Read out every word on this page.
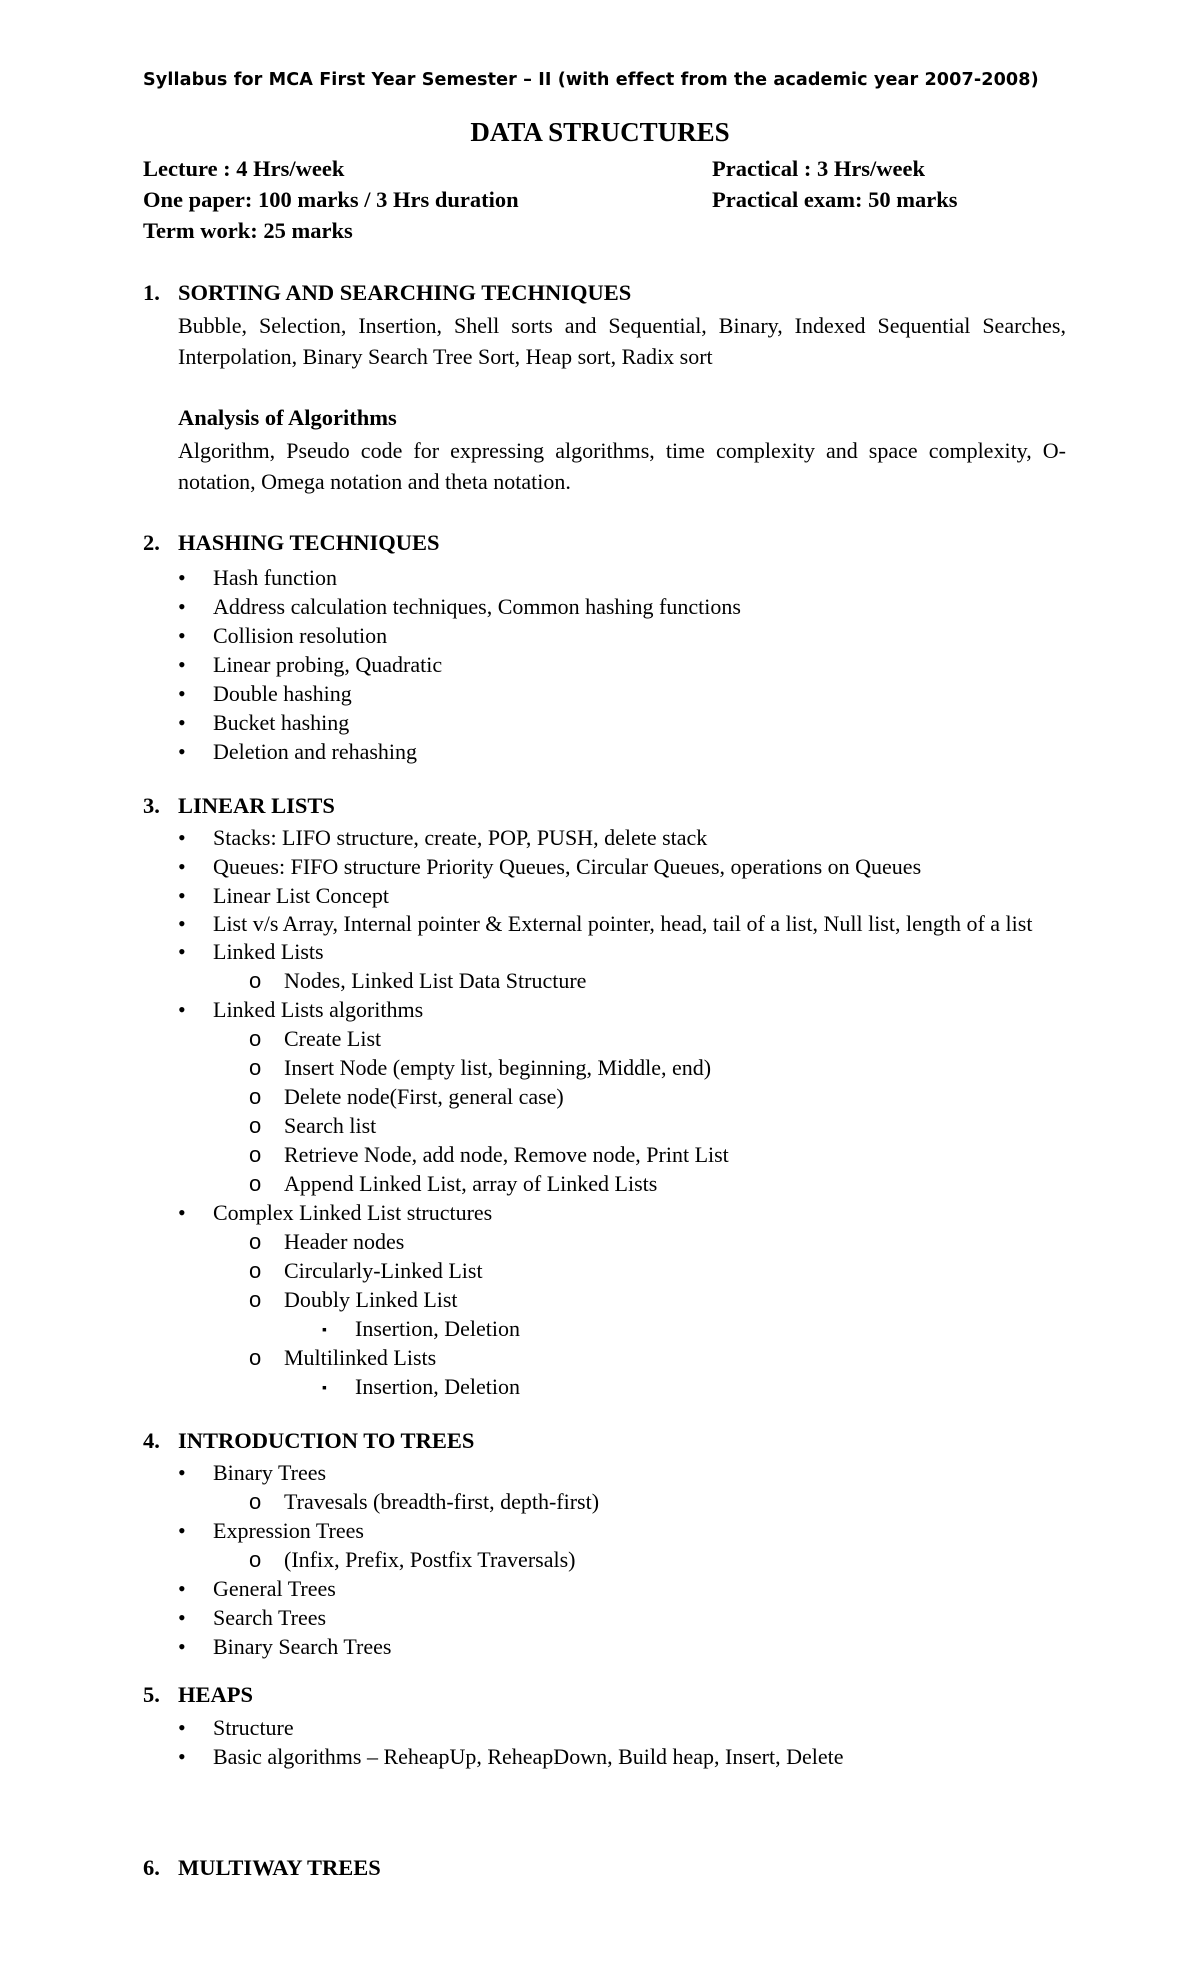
Syllabus for MCA First Year Semester – II (with effect from the academic year 2007-2008)
DATA STRUCTURES
Lecture : 4 Hrs/week	Practical : 3 Hrs/week
One paper: 100 marks / 3 Hrs duration	Practical exam: 50 marks
Term work: 25 marks
1. SORTING AND SEARCHING TECHNIQUES
Bubble, Selection, Insertion, Shell sorts and Sequential, Binary, Indexed Sequential Searches, Interpolation, Binary Search Tree Sort, Heap sort, Radix sort
Analysis of Algorithms
Algorithm, Pseudo code for expressing algorithms, time complexity and space complexity, O-notation, Omega notation and theta notation.
2. HASHING TECHNIQUES
• Hash function
• Address calculation techniques, Common hashing functions
• Collision resolution
• Linear probing, Quadratic
• Double hashing
• Bucket hashing
• Deletion and rehashing
3. LINEAR LISTS
• Stacks: LIFO structure, create, POP, PUSH, delete stack
• Queues: FIFO structure Priority Queues, Circular Queues, operations on Queues
• Linear List Concept
• List v/s Array, Internal pointer & External pointer, head, tail of a list, Null list, length of a list
• Linked Lists
o Nodes, Linked List Data Structure
• Linked Lists algorithms
o Create List
o Insert Node (empty list, beginning, Middle, end)
o Delete node(First, general case)
o Search list
o Retrieve Node, add node, Remove node, Print List
o Append Linked List, array of Linked Lists
• Complex Linked List structures
o Header nodes
o Circularly-Linked List
o Doubly Linked List
▪ Insertion, Deletion
o Multilinked Lists
▪ Insertion, Deletion
4. INTRODUCTION TO TREES
• Binary Trees
o Travesals (breadth-first, depth-first)
• Expression Trees
o (Infix, Prefix, Postfix Traversals)
• General Trees
• Search Trees
• Binary Search Trees
5. HEAPS
• Structure
• Basic algorithms – ReheapUp, ReheapDown, Build heap, Insert, Delete
6. MULTIWAY TREES
